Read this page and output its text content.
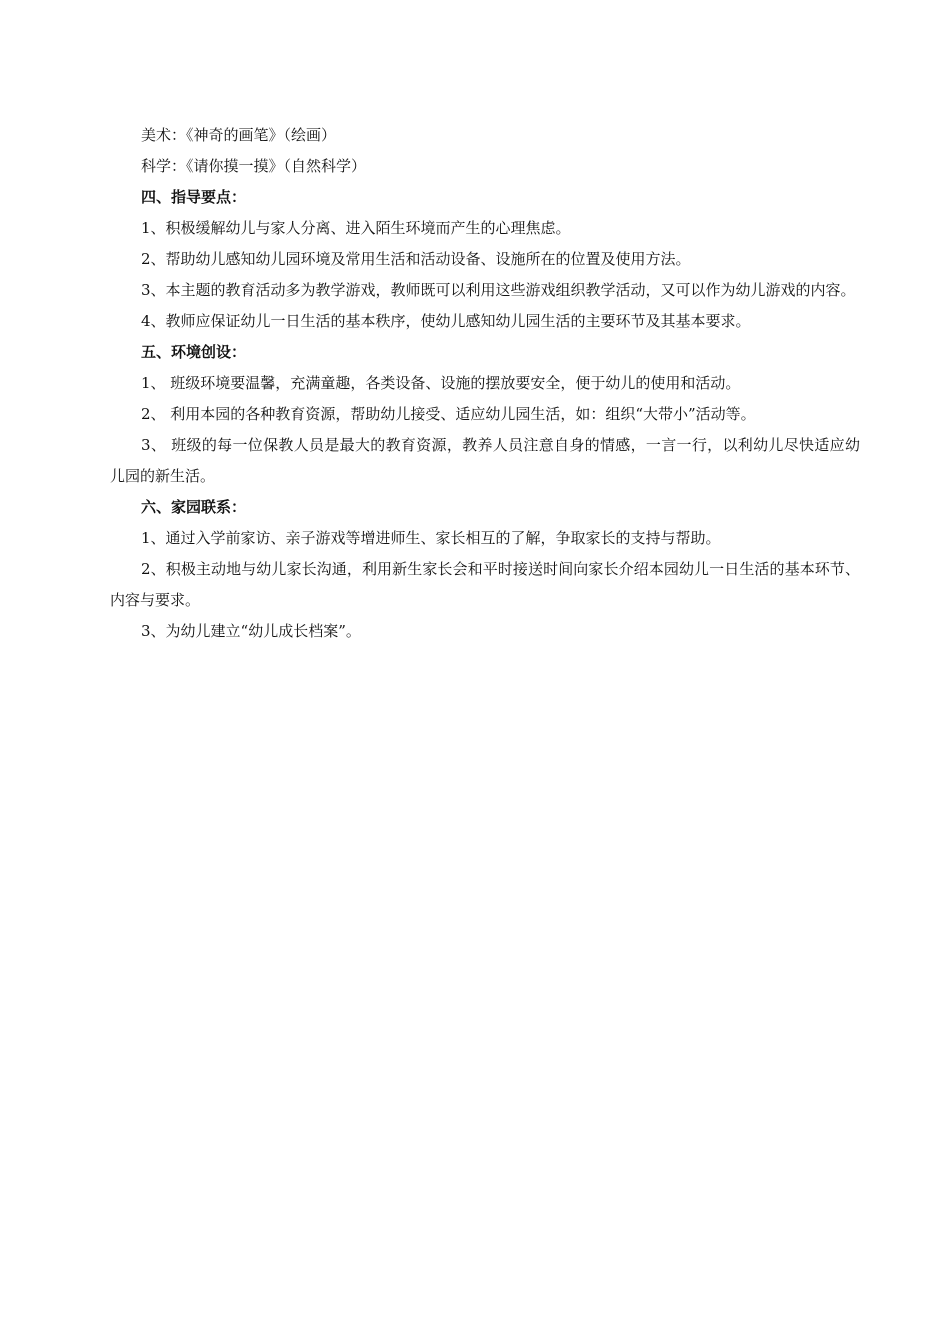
美术：《神奇的画笔》（绘画）

科学：《请你摸一摸》（自然科学）

四、指导要点：

1、积极缓解幼儿与家人分离、进入陌生环境而产生的心理焦虑。

2、帮助幼儿感知幼儿园环境及常用生活和活动设备、设施所在的位置及使用方法。

3、本主题的教育活动多为教学游戏，教师既可以利用这些游戏组织教学活动，又可以作为幼儿游戏的内容。

4、教师应保证幼儿一日生活的基本秩序，使幼儿感知幼儿园生活的主要环节及其基本要求。

五、环境创设：

1、 班级环境要温馨，充满童趣，各类设备、设施的摆放要安全，便于幼儿的使用和活动。

2、 利用本园的各种教育资源，帮助幼儿接受、适应幼儿园生活，如：组织“大带小”活动等。

3、 班级的每一位保教人员是最大的教育资源，教养人员注意自身的情感，一言一行，以利幼儿尽快适应幼儿园的新生活。

六、家园联系：

1、通过入学前家访、亲子游戏等增进师生、家长相互的了解，争取家长的支持与帮助。

2、积极主动地与幼儿家长沟通，利用新生家长会和平时接送时间向家长介绍本园幼儿一日生活的基本环节、内容与要求。

3、为幼儿建立“幼儿成长档案”。
